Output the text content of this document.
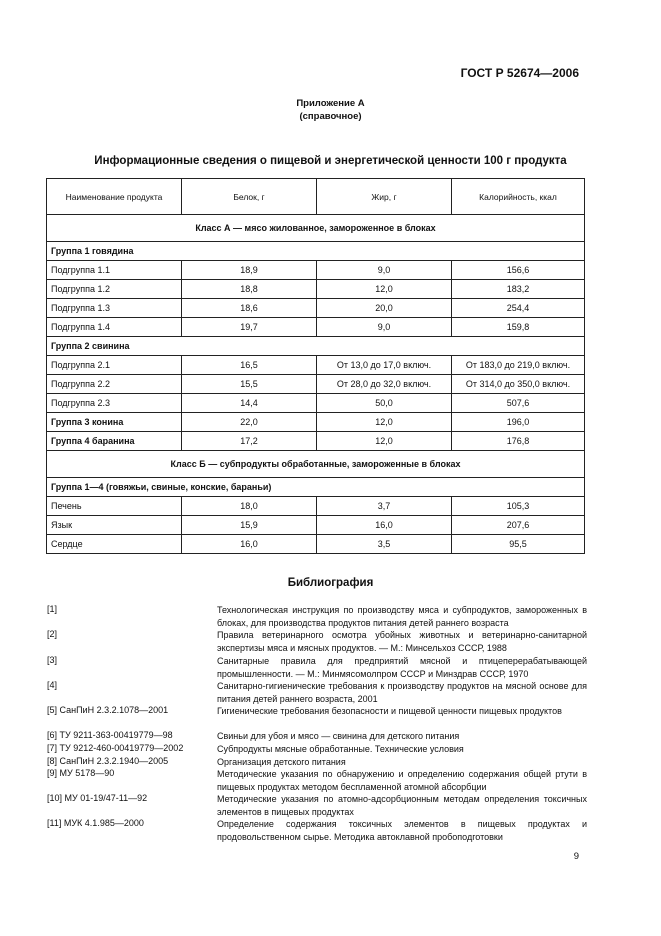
ГОСТ Р 52674—2006
Приложение А
(справочное)
Информационные сведения о пищевой и энергетической ценности 100 г продукта
Наименование продукта	Белок, г	Жир, г	Калорийность, ккал
Класс А — мясо жилованное, замороженное в блоках			
Группа 1 говядина			
Подгруппа 1.1	18,9	9,0	156,6
Подгруппа 1.2	18,8	12,0	183,2
Подгруппа 1.3	18,6	20,0	254,4
Подгруппа 1.4	19,7	9,0	159,8
Группа 2 свинина			
Подгруппа 2.1	16,5	От 13,0 до 17,0 включ.	От 183,0 до 219,0 включ.
Подгруппа 2.2	15,5	От 28,0 до 32,0 включ.	От 314,0 до 350,0 включ.
Подгруппа 2.3	14,4	50,0	507,6
Группа 3 конина	22,0	12,0	196,0
Группа 4 баранина	17,2	12,0	176,8
Класс Б — субпродукты обработанные, замороженные в блоках			
Группа 1—4 (говяжьи, свиные, конские, бараньи)			
Печень	18,0	3,7	105,3
Язык	15,9	16,0	207,6
Сердце	16,0	3,5	95,5
Библиография
[1]	Технологическая инструкция по производству мяса и субпродуктов, замороженных в блоках, для производства продуктов питания детей раннего возраста
[2]	Правила ветеринарного осмотра убойных животных и ветеринарно-санитарной экспертизы мяса и мясных продуктов. — М.: Минсельхоз СССР, 1988
[3]	Санитарные правила для предприятий мясной и птицеперерабатывающей промышленности. — М.: Минмясомолпром СССР и Минздрав СССР, 1970
[4]	Санитарно-гигиенические требования к производству продуктов на мясной основе для питания детей раннего возраста, 2001
[5] СанПиН 2.3.2.1078—2001	Гигиенические требования безопасности и пищевой ценности пищевых продуктов
[6] ТУ 9211-363-00419779—98	Свиньи для убоя и мясо — свинина для детского питания
[7] ТУ 9212-460-00419779—2002	Субпродукты мясные обработанные. Технические условия
[8] СанПиН 2.3.2.1940—2005	Организация детского питания
[9] МУ 5178—90	Методические указания по обнаружению и определению содержания общей ртути в пищевых продуктах методом беспламенной атомной абсорбции
[10] МУ 01-19/47-11—92	Методические указания по атомно-адсорбционным методам определения токсичных элементов в пищевых продуктах
[11] МУК 4.1.985—2000	Определение содержания токсичных элементов в пищевых продуктах и продовольственном сырье. Методика автоклавной пробоподготовки
9
